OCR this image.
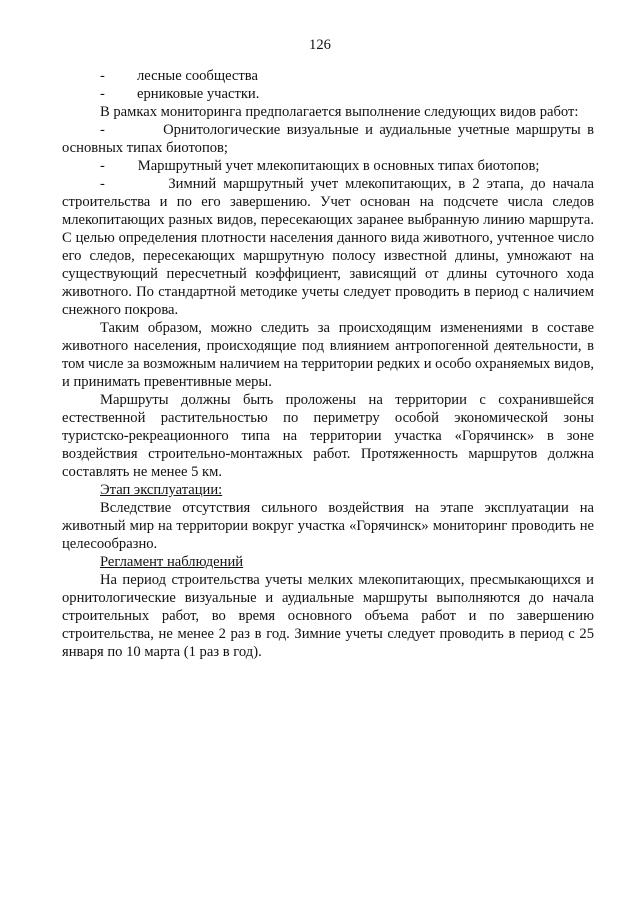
126

- лесные сообщества

- ерниковые участки.

В рамках мониторинга предполагается выполнение следующих видов работ:

-	Орнитологические визуальные и аудиальные учетные маршруты в основных типах биотопов;

- Маршрутный учет млекопитающих в основных типах биотопов;

-	Зимний маршрутный учет млекопитающих, в 2 этапа, до начала строительства и по его завершению. Учет основан на подсчете числа следов млекопитающих разных видов, пересекающих заранее выбранную линию маршрута. С целью определения плотности населения данного вида животного, учтенное число его следов, пересекающих маршрутную полосу известной длины, умножают на существующий пересчетный коэффициент, зависящий от длины суточного хода животного. По стандартной методике учеты следует проводить в период с наличием снежного покрова.

Таким образом, можно следить за происходящим изменениями в составе животного населения, происходящие под влиянием антропогенной деятельности, в том числе за возможным наличием на территории редких и особо охраняемых видов, и принимать превентивные меры.

Маршруты должны быть проложены на территории с сохранившейся естественной растительностью по периметру особой экономической зоны туристско-рекреационного типа на территории участка «Горячинск» в зоне воздействия строительно-монтажных работ. Протяженность маршрутов должна составлять не менее 5 км.

Этап эксплуатации:

Вследствие отсутствия сильного воздействия на этапе эксплуатации на животный мир на территории вокруг участка «Горячинск» мониторинг проводить не целесообразно.

Регламент наблюдений

На период строительства учеты мелких млекопитающих, пресмыкающихся и орнитологические визуальные и аудиальные маршруты выполняются до начала строительных работ, во время основного объема работ и по завершению строительства, не менее 2 раз в год. Зимние учеты следует проводить в период с 25 января по 10 марта (1 раз в год).
